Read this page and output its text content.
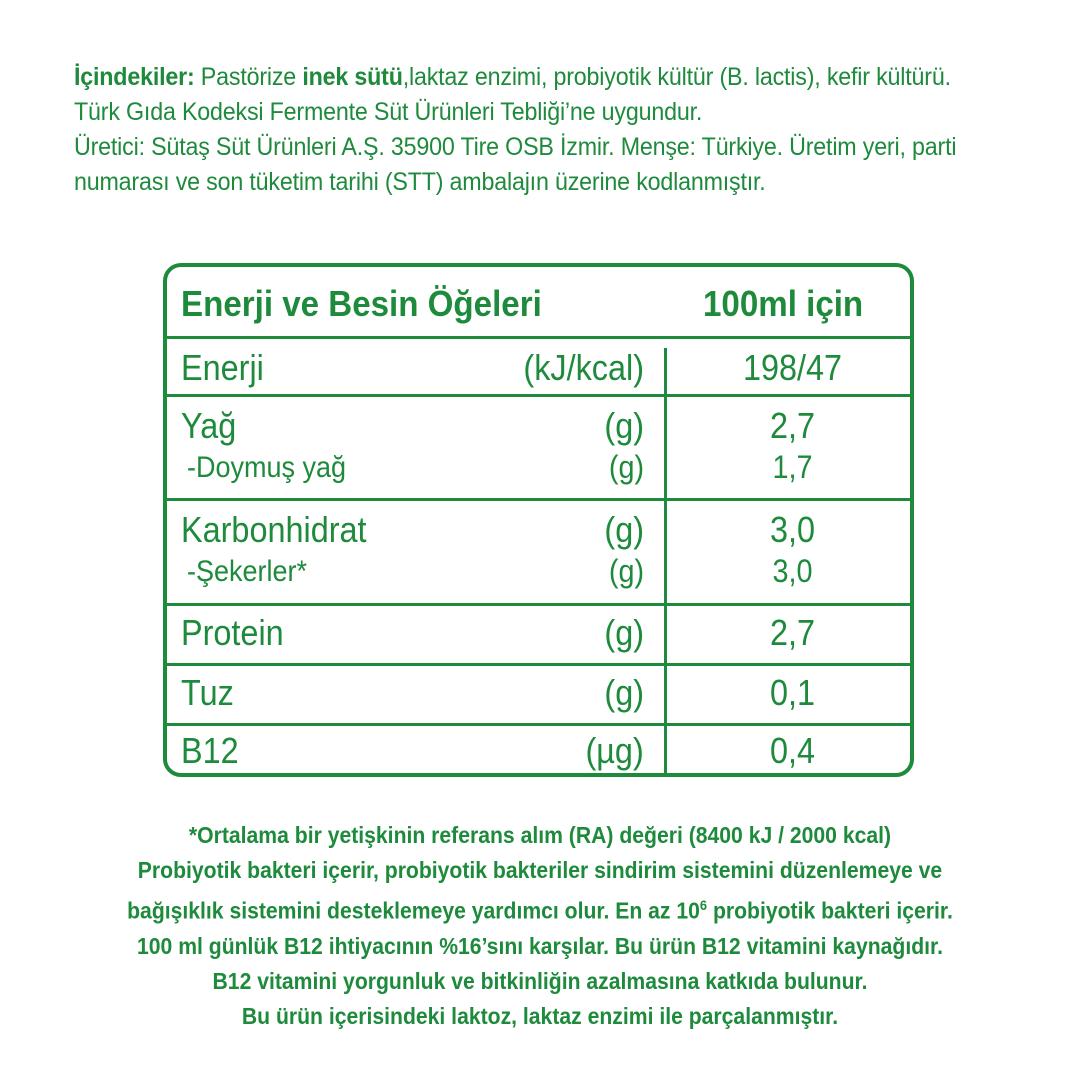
İçindekiler: Pastörize inek sütü,laktaz enzimi, probiyotik kültür (B. lactis), kefir kültürü.

Türk Gıda Kodeksi Fermente Süt Ürünleri Tebliği’ne uygundur.

Üretici: Sütaş Süt Ürünleri A.Ş. 35900 Tire OSB İzmir. Menşe: Türkiye. Üretim yeri, parti

numarası ve son tüketim tarihi (STT) ambalajın üzerine kodlanmıştır.

Enerji ve Besin Öğeleri	100ml için
Enerji	(kJ/kcal)	198/47
Yağ	(g)	2,7
-Doymuş yağ	(g)	1,7
Karbonhidrat	(g)	3,0
-Şekerler*	(g)	3,0
Protein	(g)	2,7
Tuz	(g)	0,1
B12	(µg)	0,4

*Ortalama bir yetişkinin referans alım (RA) değeri (8400 kJ / 2000 kcal)

Probiyotik bakteri içerir, probiyotik bakteriler sindirim sistemini düzenlemeye ve

bağışıklık sistemini desteklemeye yardımcı olur. En az $10^6$ probiyotik bakteri içerir.

100 ml günlük B12 ihtiyacının %16’sını karşılar. Bu ürün B12 vitamini kaynağıdır.

B12 vitamini yorgunluk ve bitkinliğin azalmasına katkıda bulunur.

Bu ürün içerisindeki laktoz, laktaz enzimi ile parçalanmıştır.
